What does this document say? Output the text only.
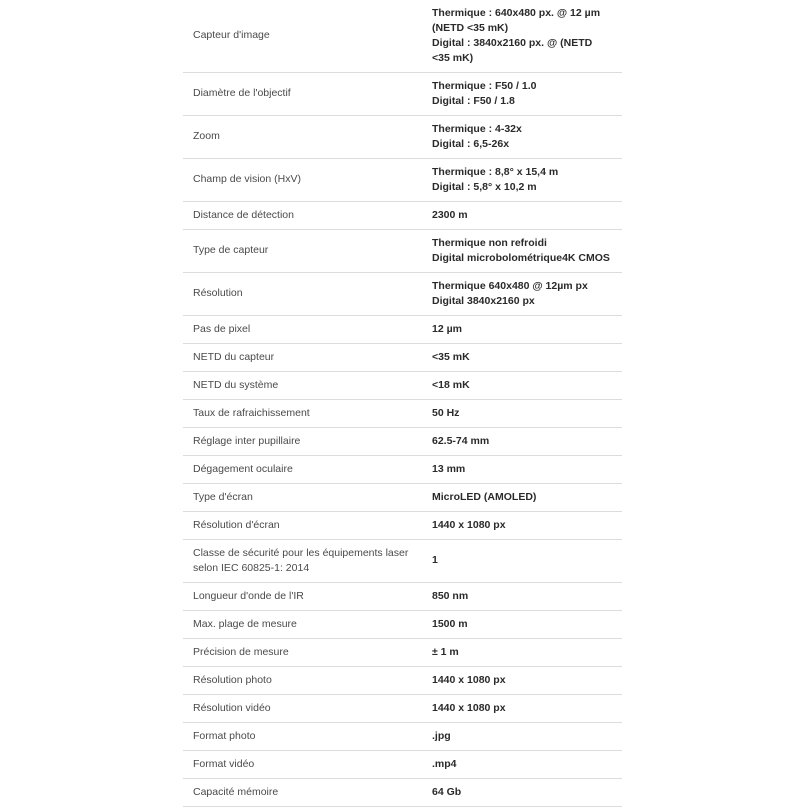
Capteur d'image	Thermique : 640x480 px. @ 12 µm (NETD <35 mK)
Digital : 3840x2160 px. @ (NETD <35 mK)

Diamètre de l'objectif	Thermique : F50 / 1.0
Digital : F50 / 1.8

Zoom	Thermique : 4-32x
Digital : 6,5-26x

Champ de vision (HxV)	Thermique : 8,8° x 15,4 m
Digital : 5,8° x 10,2 m

Distance de détection	2300 m

Type de capteur	Thermique non refroidi
Digital microbolométrique4K CMOS

Résolution	Thermique 640x480 @ 12µm px
Digital 3840x2160 px

Pas de pixel	12 µm

NETD du capteur	<35 mK

NETD du système	<18 mK

Taux de rafraichissement	50 Hz

Réglage inter pupillaire	62.5-74 mm

Dégagement oculaire	13 mm

Type d'écran	MicroLED (AMOLED)

Résolution d'écran	1440 x 1080 px

Classe de sécurité pour les équipements laser selon IEC 60825-1: 2014	1

Longueur d'onde de l'IR	850 nm

Max. plage de mesure	1500 m

Précision de mesure	± 1 m

Résolution photo	1440 x 1080 px

Résolution vidéo	1440 x 1080 px

Format photo	.jpg

Format vidéo	.mp4

Capacité mémoire	64 Gb
